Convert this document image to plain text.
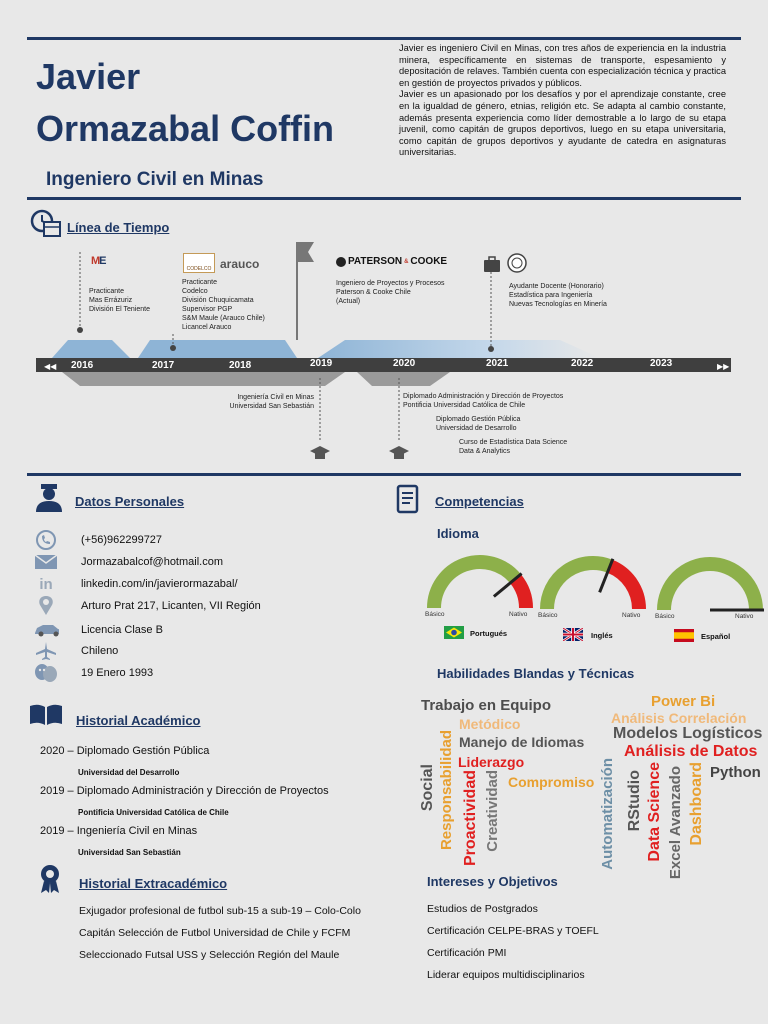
Javier
Ormazabal Coffin
Ingeniero Civil en Minas
Javier es ingeniero Civil en Minas, con tres años de experiencia en la industria minera, específicamente en sistemas de transporte, espesamiento y depositación de relaves. También cuenta con especialización técnica y practica en gestión de proyectos privados y públicos.
Javier es un apasionado por los desafíos y por el aprendizaje constante, cree en la igualdad de género, etnias, religión etc. Se adapta al cambio constante, además presenta experiencia como líder demostrable a lo largo de su etapa juvenil, como capitán de grupos deportivos, luego en su etapa universitaria, como capitán de grupos deportivos y ayudante de catedra en asignaturas universitarias.
Línea de Tiempo
◀◀	▶▶
2016	2017	2018	2019	2020	2021	2022	2023
ME
CODELCO arauco	PATERSON & COOKE
Practicante
Mas Errázuriz
División El Teniente
Practicante
Codelco
División Chuquicamata
Supervisor PGP
S&M Maule (Arauco Chile)
Licancel Arauco
Ingeniero de Proyectos y Procesos
Paterson & Cooke Chile
(Actual)
Ayudante Docente (Honorario)
Estadística para Ingeniería
Nuevas Tecnologías en Minería
Ingeniería Civil en Minas
Universidad San Sebastián
Diplomado Administración y Dirección de Proyectos
Pontificia Universidad Católica de Chile
Diplomado Gestión Pública
Universidad de Desarrollo
Curso de Estadística Data Science
Data & Analytics
Datos Personales
(+56)962299727
Jormazabalcof@hotmail.com
in	linkedin.com/in/javierormazabal/
Arturo Prat 217, Licanten, VII Región
Licencia Clase B
Chileno
19 Enero 1993
Historial Académico
2020 – Diplomado Gestión Pública
Universidad del Desarrollo
2019 – Diplomado Administración y Dirección de Proyectos
Pontificia Universidad Católica de Chile
2019 – Ingeniería Civil en Minas
Universidad San Sebastián
Historial Extracadémico
Exjugador profesional de futbol sub-15 a sub-19 – Colo-Colo
Capitán Selección de Futbol Universidad de Chile y FCFM
Seleccionado Futsal USS y Selección Región del Maule
Competencias
Idioma
Básico	Nativo Básico	Nativo Básico	Nativo
Portugués	Inglés	Español
Habilidades Blandas y Técnicas
Trabajo en Equipo
Metódico
Manejo de Idiomas
Social Responsabilidad Liderazgo
Creatividad
Proactividad Compromiso
Power Bi
Análisis Correlación
Modelos Logísticos
Análisis de Datos
Python
Automatización RStudio Data Science Excel Avanzado Dashboard
Intereses y Objetivos
Estudios de Postgrados
Certificación CELPE-BRAS y TOEFL
Certificación PMI
Liderar equipos multidisciplinarios
